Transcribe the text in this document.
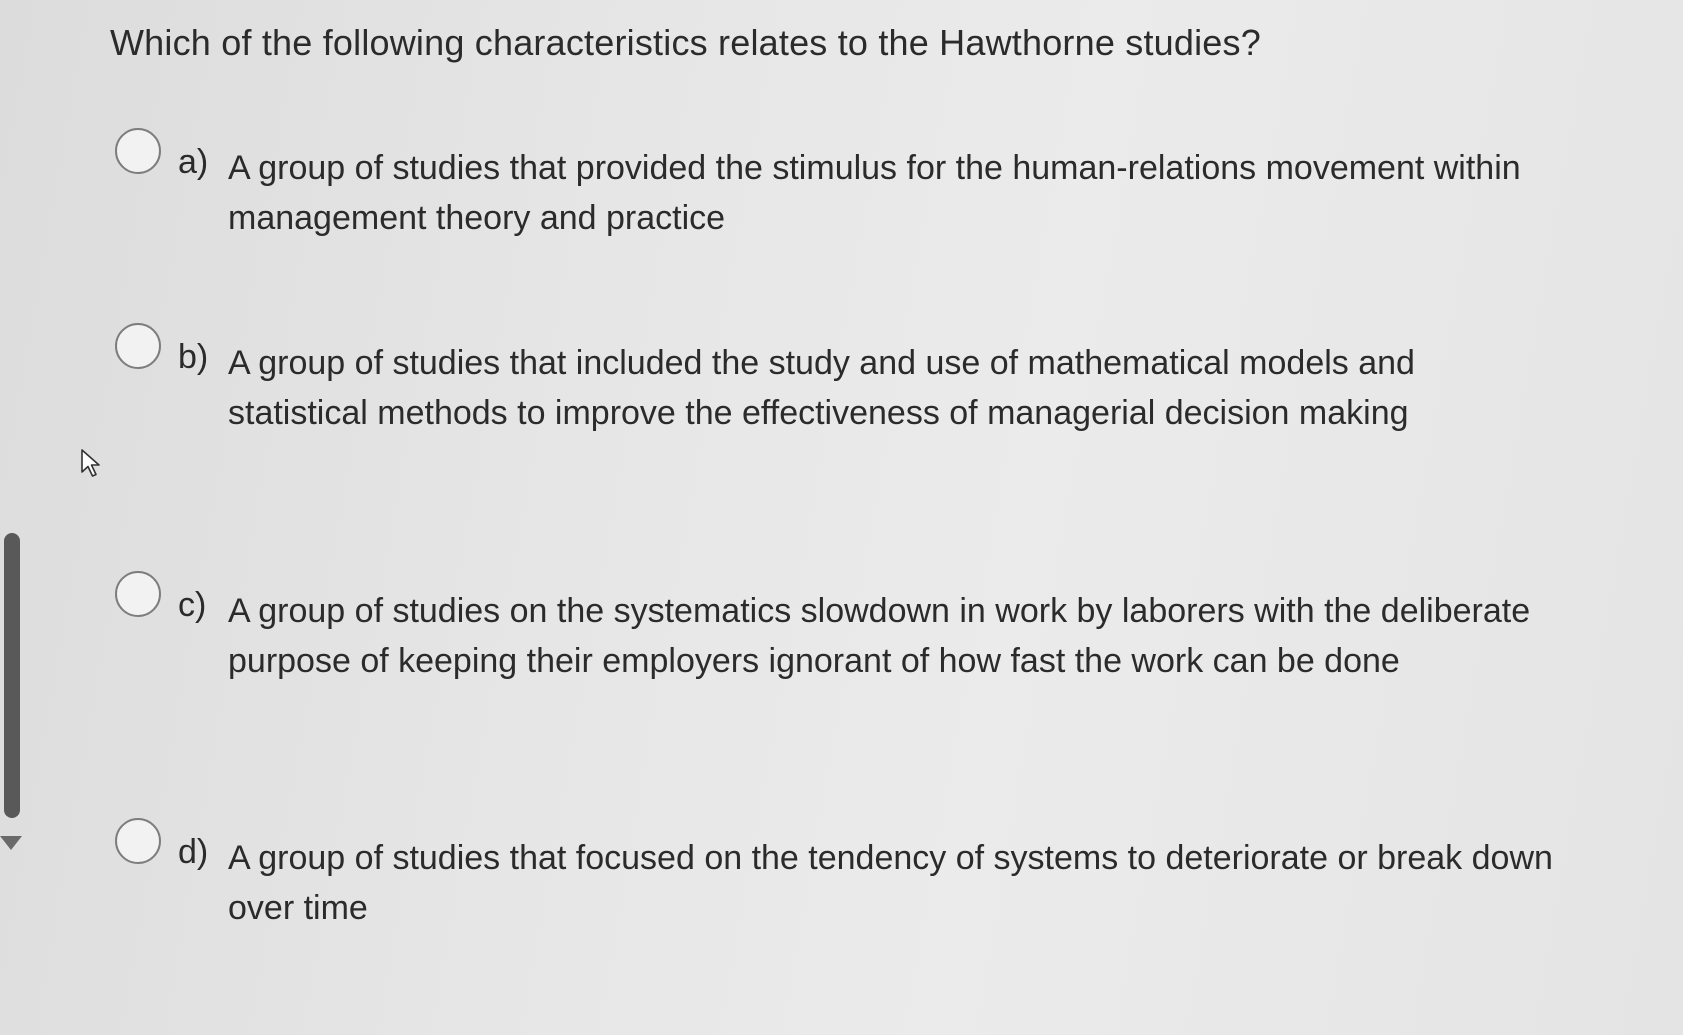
Which of the following characteristics relates to the Hawthorne studies?
a) A group of studies that provided the stimulus for the human-relations movement within management theory and practice
b) A group of studies that included the study and use of mathematical models and statistical methods to improve the effectiveness of managerial decision making
c) A group of studies on the systematics slowdown in work by laborers with the deliberate purpose of keeping their employers ignorant of how fast the work can be done
d) A group of studies that focused on the tendency of systems to deteriorate or break down over time
